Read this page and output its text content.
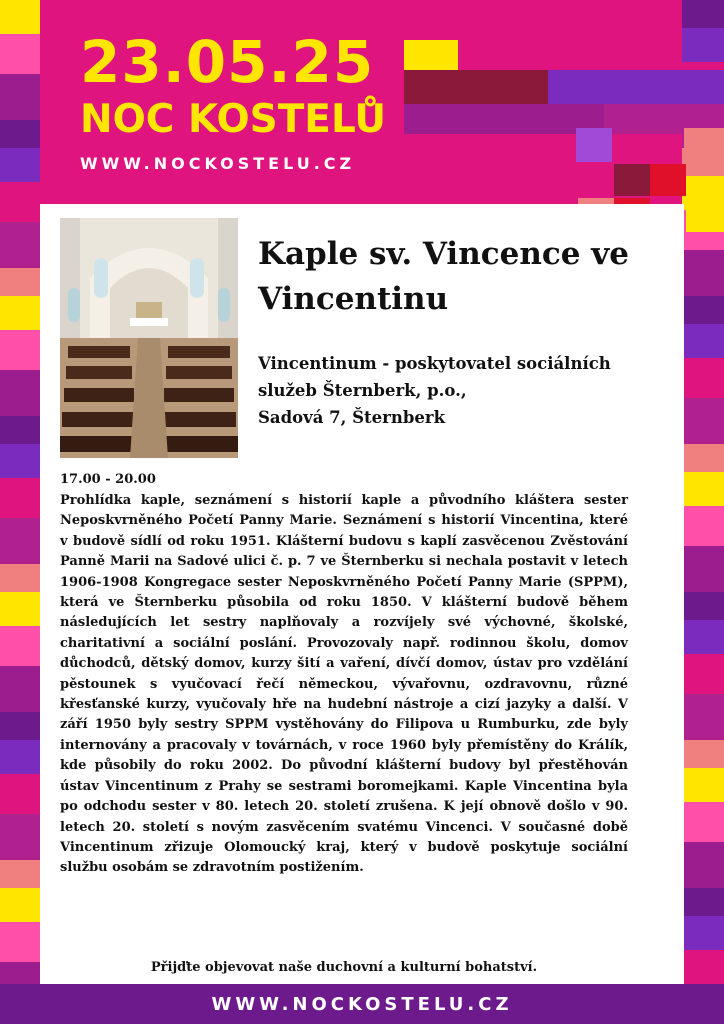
23.05.25
NOC KOSTELŮ
WWW.NOCKOSTELU.CZ
Kaple sv. Vincence ve Vincentinu
Vincentinum - poskytovatel sociálních
služeb Šternberk, p.o.,
Sadová 7, Šternberk

17.00 - 20.00

Prohlídka kaple, seznámení s historií kaple a původního kláštera sester Neposkvrněného Početí Panny Marie. Seznámení s historií Vincentina, které v budově sídlí od roku 1951. Klášterní budovu s kaplí zasvěcenou Zvěstování Panně Marii na Sadové ulici č. p. 7 ve Šternberku si nechala postavit v letech 1906-1908 Kongregace sester Neposkvrněného Početí Panny Marie (SPPM), která ve Šternberku působila od roku 1850. V klášterní budově během následujících let sestry naplňovaly a rozvíjely své výchovné, školské, charitativní a sociální poslání. Provozovaly např. rodinnou školu, domov důchodců, dětský domov, kurzy šití a vaření, dívčí domov, ústav pro vzdělání pěstounek s vyučovací řečí německou, vývařovnu, ozdravovnu, různé křesťanské kurzy, vyučovaly hře na hudební nástroje a cizí jazyky a další. V září 1950 byly sestry SPPM vystěhovány do Filipova u Rumburku, zde byly internovány a pracovaly v továrnách, v roce 1960 byly přemístěny do Králík, kde působily do roku 2002. Do původní klášterní budovy byl přestěhován ústav Vincentinum z Prahy se sestrami boromejkami. Kaple Vincentina byla po odchodu sester v 80. letech 20. století zrušena. K její obnově došlo v 90. letech 20. století s novým zasvěcením svatému Vincenci. V současné době Vincentinum zřizuje Olomoucký kraj, který v budově poskytuje sociální službu osobám se zdravotním postižením.

Přijďte objevovat naše duchovní a kulturní bohatství.

WWW.NOCKOSTELU.CZ
